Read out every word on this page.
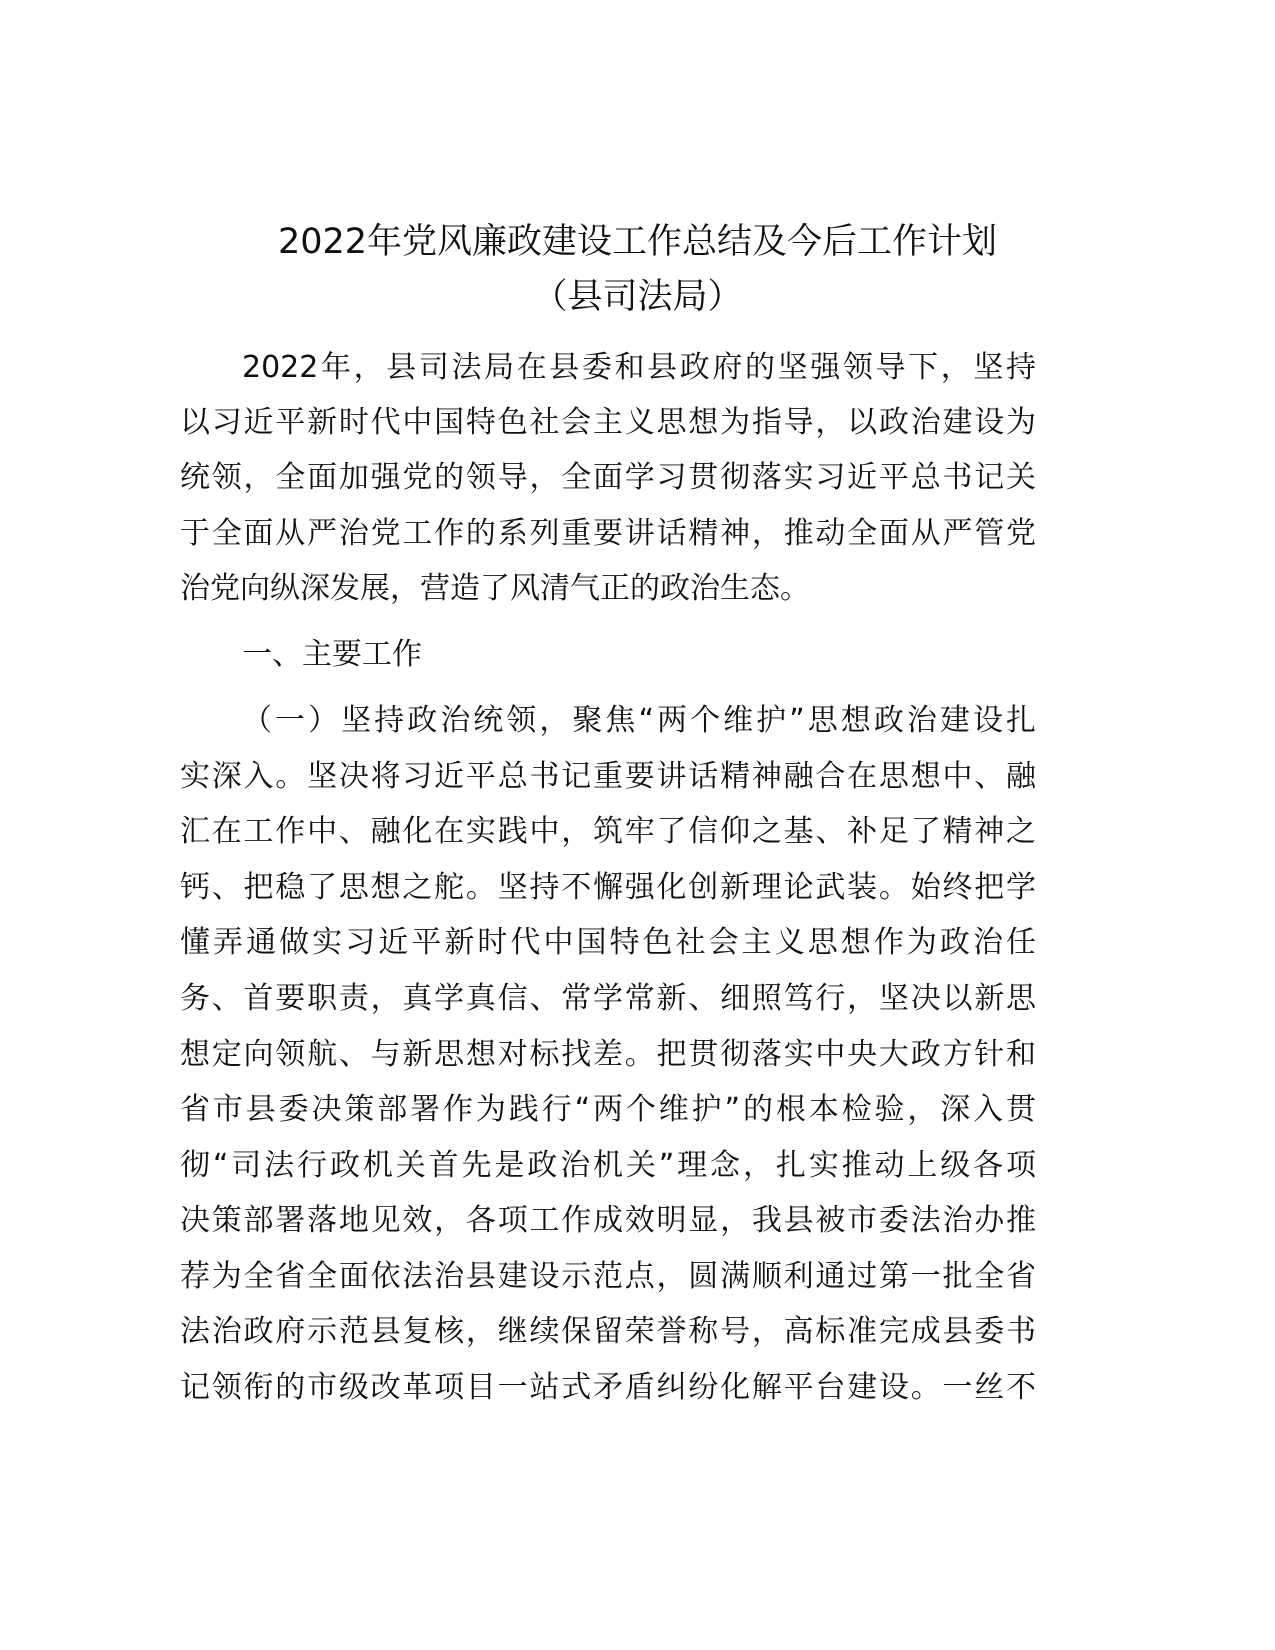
2022年党风廉政建设工作总结及今后工作计划
（县司法局）
2022年，县司法局在县委和县政府的坚强领导下，坚持
以习近平新时代中国特色社会主义思想为指导，以政治建设为
统领，全面加强党的领导，全面学习贯彻落实习近平总书记关
于全面从严治党工作的系列重要讲话精神，推动全面从严管党
治党向纵深发展，营造了风清气正的政治生态。
一、主要工作
（一）坚持政治统领，聚焦“两个维护”思想政治建设扎
实深入。坚决将习近平总书记重要讲话精神融合在思想中、融
汇在工作中、融化在实践中，筑牢了信仰之基、补足了精神之
钙、把稳了思想之舵。坚持不懈强化创新理论武装。始终把学
懂弄通做实习近平新时代中国特色社会主义思想作为政治任
务、首要职责，真学真信、常学常新、细照笃行，坚决以新思
想定向领航、与新思想对标找差。把贯彻落实中央大政方针和
省市县委决策部署作为践行“两个维护”的根本检验，深入贯
彻“司法行政机关首先是政治机关”理念，扎实推动上级各项
决策部署落地见效，各项工作成效明显，我县被市委法治办推
荐为全省全面依法治县建设示范点，圆满顺利通过第一批全省
法治政府示范县复核，继续保留荣誉称号，高标准完成县委书
记领衔的市级改革项目一站式矛盾纠纷化解平台建设。一丝不
